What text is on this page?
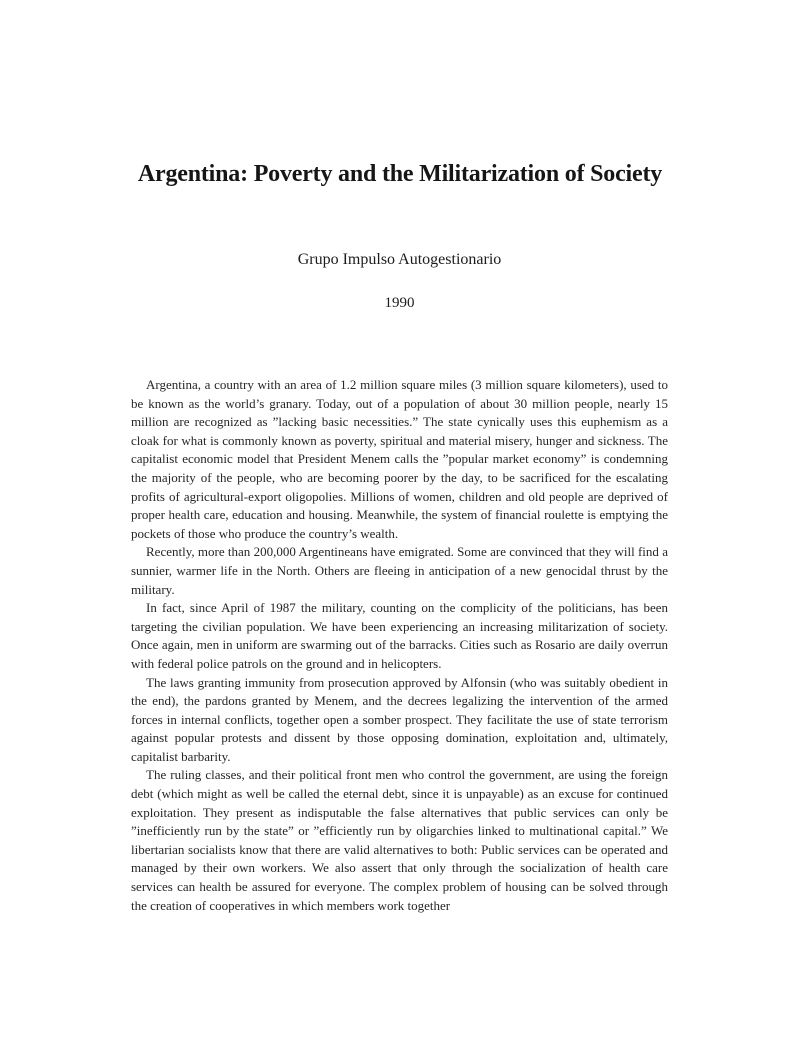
Argentina: Poverty and the Militarization of Society
Grupo Impulso Autogestionario
1990

Argentina, a country with an area of 1.2 million square miles (3 million square kilometers), used to be known as the world’s granary. Today, out of a population of about 30 million people, nearly 15 million are recognized as ”lacking basic necessities.” The state cynically uses this euphemism as a cloak for what is commonly known as poverty, spiritual and material misery, hunger and sickness. The capitalist economic model that President Menem calls the ”popular market economy” is condemning the majority of the people, who are becoming poorer by the day, to be sacrificed for the escalating profits of agricultural-export oligopolies. Millions of women, children and old people are deprived of proper health care, education and housing. Meanwhile, the system of financial roulette is emptying the pockets of those who produce the country’s wealth.

Recently, more than 200,000 Argentineans have emigrated. Some are convinced that they will find a sunnier, warmer life in the North. Others are fleeing in anticipation of a new genocidal thrust by the military.

In fact, since April of 1987 the military, counting on the complicity of the politicians, has been targeting the civilian population. We have been experiencing an increasing militarization of society. Once again, men in uniform are swarming out of the barracks. Cities such as Rosario are daily overrun with federal police patrols on the ground and in helicopters.

The laws granting immunity from prosecution approved by Alfonsin (who was suitably obedient in the end), the pardons granted by Menem, and the decrees legalizing the intervention of the armed forces in internal conflicts, together open a somber prospect. They facilitate the use of state terrorism against popular protests and dissent by those opposing domination, exploitation and, ultimately, capitalist barbarity.

The ruling classes, and their political front men who control the government, are using the foreign debt (which might as well be called the eternal debt, since it is unpayable) as an excuse for continued exploitation. They present as indisputable the false alternatives that public services can only be ”inefficiently run by the state” or ”efficiently run by oligarchies linked to multinational capital.” We libertarian socialists know that there are valid alternatives to both: Public services can be operated and managed by their own workers. We also assert that only through the socialization of health care services can health be assured for everyone. The complex problem of housing can be solved through the creation of cooperatives in which members work together
